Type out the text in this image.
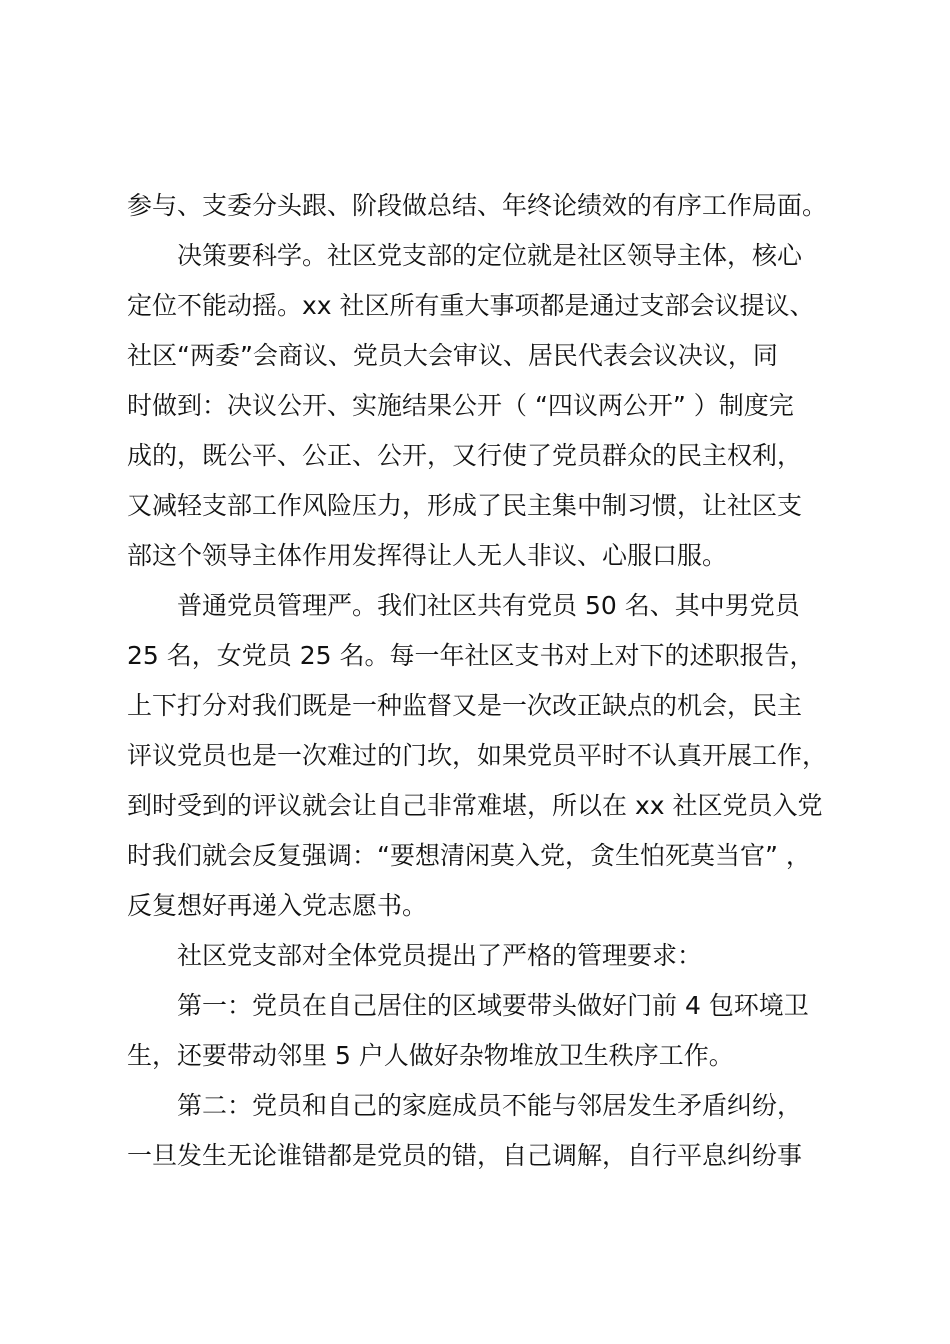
参与、支委分头跟、阶段做总结、年终论绩效的有序工作局面。
　　决策要科学。社区党支部的定位就是社区领导主体，核心
定位不能动摇。xx 社区所有重大事项都是通过支部会议提议、
社区“两委”会商议、党员大会审议、居民代表会议决议，同
时做到：决议公开、实施结果公开（ “四议两公开” ）制度完
成的，既公平、公正、公开，又行使了党员群众的民主权利，
又减轻支部工作风险压力，形成了民主集中制习惯，让社区支
部这个领导主体作用发挥得让人无人非议、心服口服。
　　普通党员管理严。我们社区共有党员 50 名、其中男党员
25 名，女党员 25 名。每一年社区支书对上对下的述职报告，
上下打分对我们既是一种监督又是一次改正缺点的机会，民主
评议党员也是一次难过的门坎，如果党员平时不认真开展工作，
到时受到的评议就会让自己非常难堪，所以在 xx 社区党员入党
时我们就会反复强调：“要想清闲莫入党，贪生怕死莫当官” ，
反复想好再递入党志愿书。
　　社区党支部对全体党员提出了严格的管理要求：
　　第一：党员在自己居住的区域要带头做好门前 4 包环境卫
生，还要带动邻里 5 户人做好杂物堆放卫生秩序工作。
　　第二：党员和自己的家庭成员不能与邻居发生矛盾纠纷，
一旦发生无论谁错都是党员的错，自己调解，自行平息纠纷事
